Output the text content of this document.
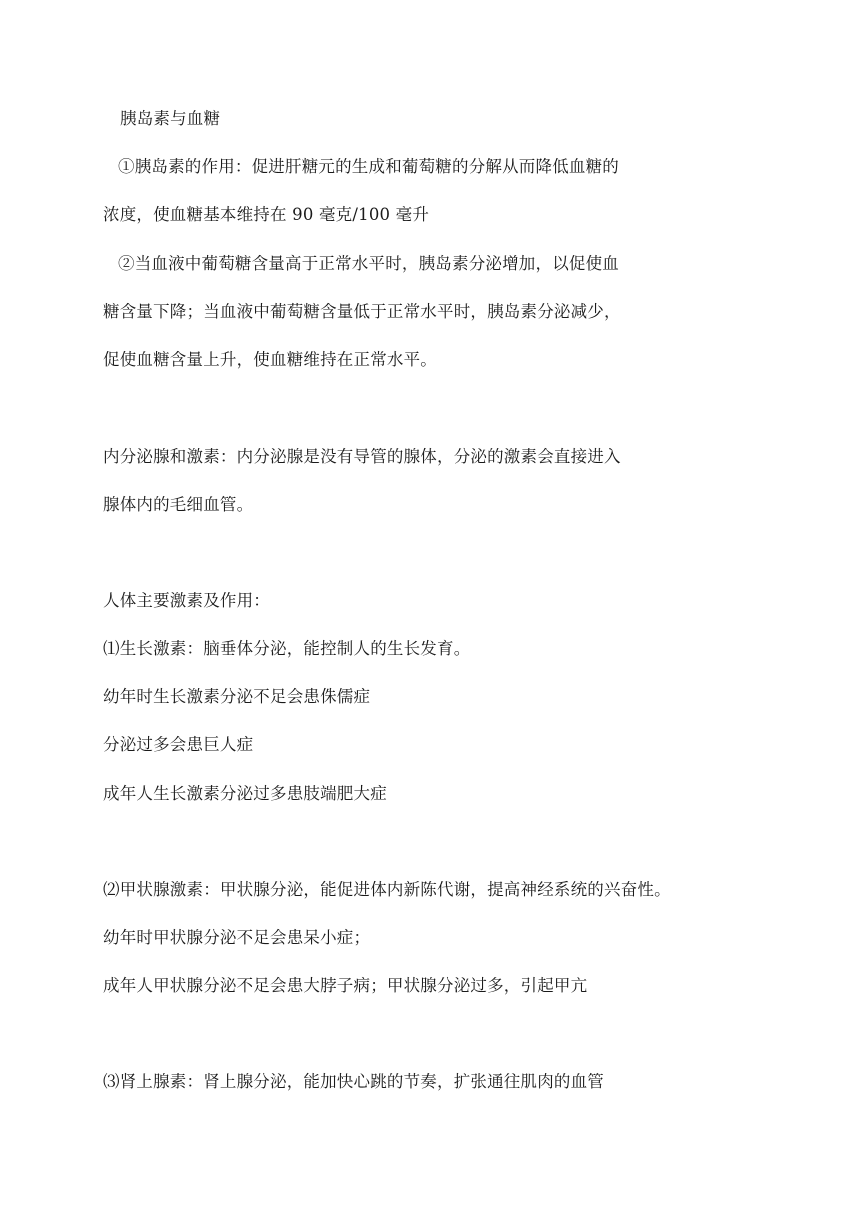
胰岛素与血糖
①胰岛素的作用：促进肝糖元的生成和葡萄糖的分解从而降低血糖的
浓度，使血糖基本维持在 90 毫克/100 毫升
②当血液中葡萄糖含量高于正常水平时，胰岛素分泌增加，以促使血
糖含量下降；当血液中葡萄糖含量低于正常水平时，胰岛素分泌减少，
促使血糖含量上升，使血糖维持在正常水平。
内分泌腺和激素：内分泌腺是没有导管的腺体，分泌的激素会直接进入
腺体内的毛细血管。
人体主要激素及作用：
⑴生长激素：脑垂体分泌，能控制人的生长发育。
幼年时生长激素分泌不足会患侏儒症
分泌过多会患巨人症
成年人生长激素分泌过多患肢端肥大症
⑵甲状腺激素：甲状腺分泌，能促进体内新陈代谢，提高神经系统的兴奋性。
幼年时甲状腺分泌不足会患呆小症；
成年人甲状腺分泌不足会患大脖子病；甲状腺分泌过多，引起甲亢
⑶肾上腺素：肾上腺分泌，能加快心跳的节奏，扩张通往肌肉的血管
